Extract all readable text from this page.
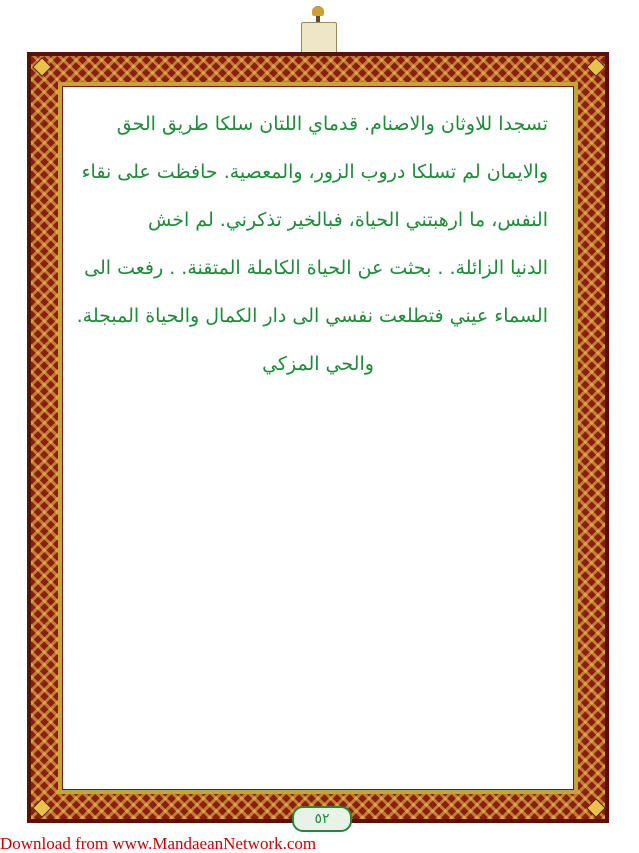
تسجدا للاوثان والاصنام. قدماي اللتان سلكا طريق الحق
والايمان لم تسلكا دروب الزور، والمعصية. حافظت على نقاء
النفس، ما ارهبتني الحياة، فبالخير تذكرني. لم اخش
الدنيا الزائلة. . بحثت عن الحياة الكاملة المتقنة. . رفعت الى
السماء عيني فتطلعت نفسي الى دار الكمال والحياة المبجلة.
والحي المزكي
٥٢
Download from www.MandaeanNetwork.com
